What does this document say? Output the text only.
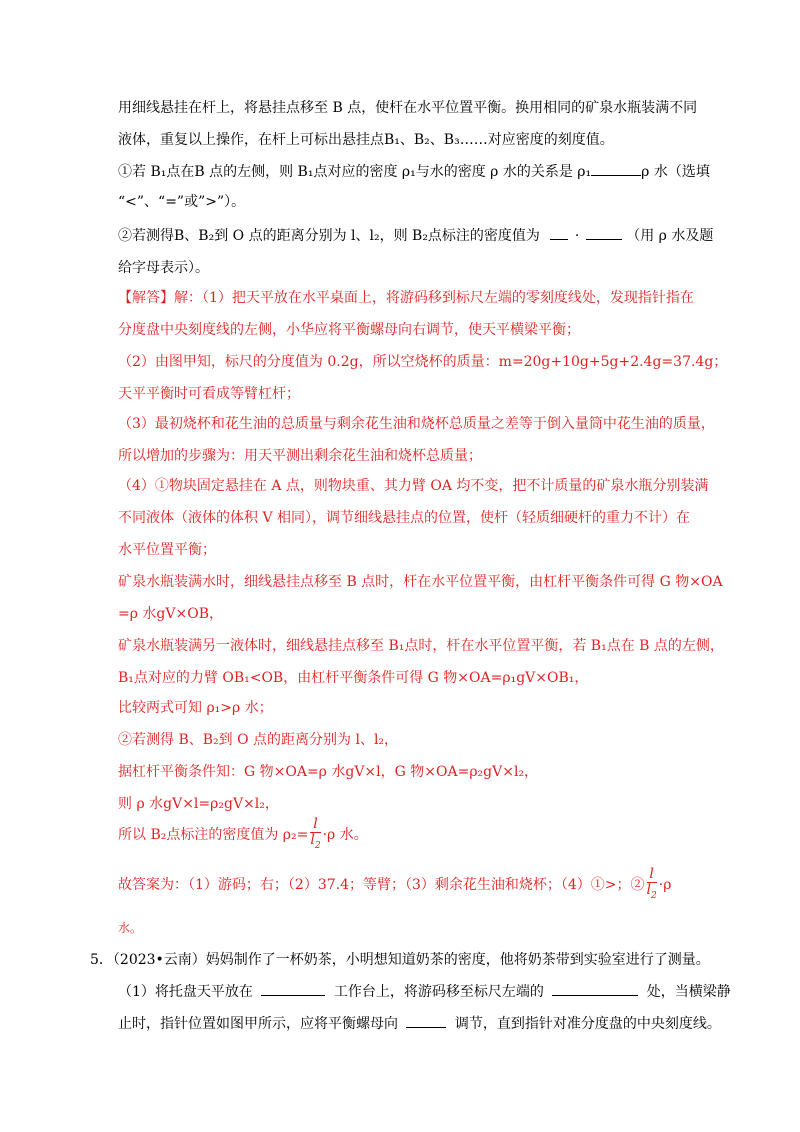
用细线悬挂在杆上，将悬挂点移至 B 点，使杆在水平位置平衡。换用相同的矿泉水瓶装满不同
液体，重复以上操作，在杆上可标出悬挂点B₁、B₂、B₃……对应密度的刻度值。
①若 B₁点在B 点的左侧，则 B₁点对应的密度 ρ₁与水的密度 ρ 水的关系是 ρ₁	ρ 水（选填
“<”、“=”或”>”）。
②若测得B、B₂到 O 点的距离分别为 l、l₂，则 B₂点标注的密度值为 ·	（用 ρ 水及题
给字母表示）。
【解答】解：（1）把天平放在水平桌面上，将游码移到标尺左端的零刻度线处，发现指针指在
分度盘中央刻度线的左侧，小华应将平衡螺母向右调节，使天平横梁平衡；
（2）由图甲知，标尺的分度值为 0.2g，所以空烧杯的质量：m=20g+10g+5g+2.4g=37.4g；
天平平衡时可看成等臂杠杆；
（3）最初烧杯和花生油的总质量与剩余花生油和烧杯总质量之差等于倒入量筒中花生油的质量，
所以增加的步骤为：用天平测出剩余花生油和烧杯总质量；
（4）①物块固定悬挂在 A 点，则物块重、其力臂 OA 均不变，把不计质量的矿泉水瓶分别装满
不同液体（液体的体积 V 相同），调节细线悬挂点的位置，使杆（轻质细硬杆的重力不计）在
水平位置平衡；
矿泉水瓶装满水时，细线悬挂点移至 B 点时，杆在水平位置平衡，由杠杆平衡条件可得 G 物×OA
=ρ 水gV×OB，
矿泉水瓶装满另一液体时，细线悬挂点移至 B₁点时，杆在水平位置平衡，若 B₁点在 B 点的左侧，
B₁点对应的力臂 OB₁<OB，由杠杆平衡条件可得 G 物×OA=ρ₁gV×OB₁，
比较两式可知 ρ₁>ρ 水；
②若测得 B、B₂到 O 点的距离分别为 l、l₂，
据杠杆平衡条件知：G 物×OA=ρ 水gV×l，G 物×OA=ρ₂gV×l₂，
则 ρ 水gV×l=ρ₂gV×l₂，
所以 B₂点标注的密度值为 $\rho_2= \frac{l}{l_2} \cdot\rho$ 水。
故答案为：（1）游码；右；（2）37.4；等臂；（3）剩余花生油和烧杯；（4）①>；② $\frac{l}{l_2} \cdot\rho$
水。
5．（2023•云南）妈妈制作了一杯奶茶，小明想知道奶茶的密度，他将奶茶带到实验室进行了测量。
（1）将托盘天平放在	工作台上，将游码移至标尺左端的	处，当横梁静
止时，指针位置如图甲所示，应将平衡螺母向	调节，直到指针对准分度盘的中央刻度线。
